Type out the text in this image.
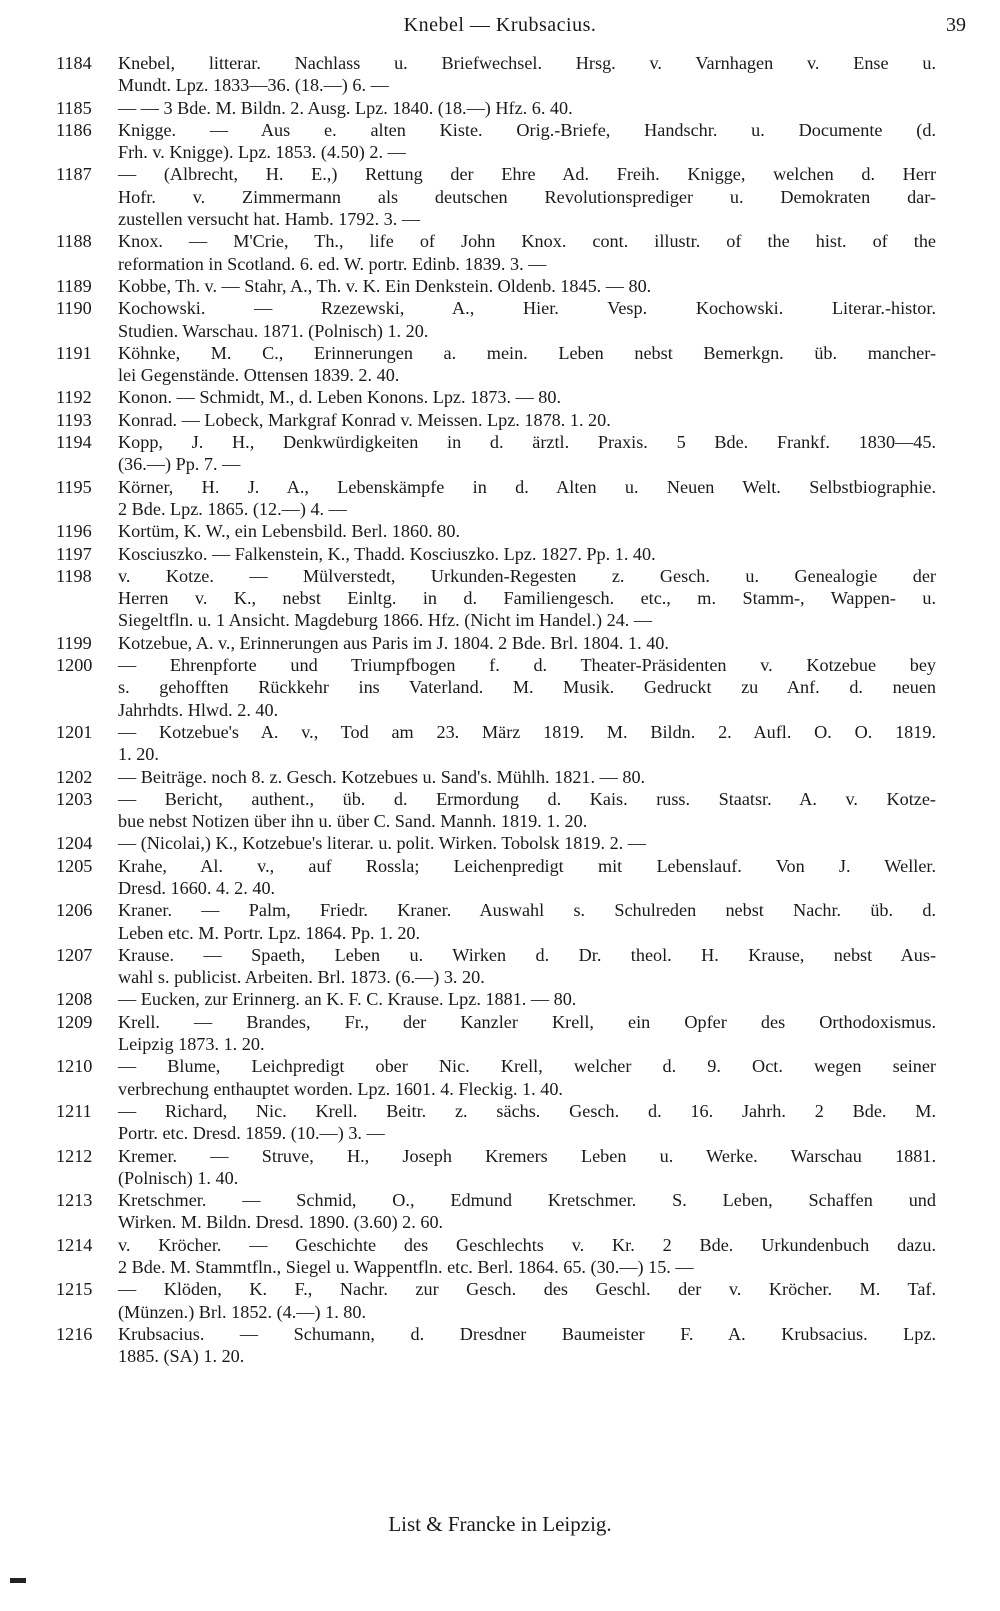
Knebel — Krubsacius.	39
1184	Knebel, litterar. Nachlass u. Briefwechsel. Hrsg. v. Varnhagen v. Ense u.
Mundt. Lpz. 1833—36. (18.—) 6. —
1185	— — 3 Bde. M. Bildn. 2. Ausg. Lpz. 1840. (18.—) Hfz. 6. 40.
1186	Knigge. — Aus e. alten Kiste. Orig.-Briefe, Handschr. u. Documente (d.
Frh. v. Knigge). Lpz. 1853. (4.50) 2. —
1187	— (Albrecht, H. E.,) Rettung der Ehre Ad. Freih. Knigge, welchen d. Herr
Hofr. v. Zimmermann als deutschen Revolutionsprediger u. Demokraten dar-
zustellen versucht hat. Hamb. 1792. 3. —
1188	Knox. — M'Crie, Th., life of John Knox. cont. illustr. of the hist. of the
reformation in Scotland. 6. ed. W. portr. Edinb. 1839. 3. —
1189	Kobbe, Th. v. — Stahr, A., Th. v. K. Ein Denkstein. Oldenb. 1845. — 80.
1190	Kochowski. — Rzezewski, A., Hier. Vesp. Kochowski. Literar.-histor.
Studien. Warschau. 1871. (Polnisch) 1. 20.
1191	Köhnke, M. C., Erinnerungen a. mein. Leben nebst Bemerkgn. üb. mancher-
lei Gegenstände. Ottensen 1839. 2. 40.
1192	Konon. — Schmidt, M., d. Leben Konons. Lpz. 1873. — 80.
1193	Konrad. — Lobeck, Markgraf Konrad v. Meissen. Lpz. 1878. 1. 20.
1194	Kopp, J. H., Denkwürdigkeiten in d. ärztl. Praxis. 5 Bde. Frankf. 1830—45.
(36.—) Pp. 7. —
1195	Körner, H. J. A., Lebenskämpfe in d. Alten u. Neuen Welt. Selbstbiographie.
2 Bde. Lpz. 1865. (12.—) 4. —
1196	Kortüm, K. W., ein Lebensbild. Berl. 1860. 80.
1197	Kosciuszko. — Falkenstein, K., Thadd. Kosciuszko. Lpz. 1827. Pp. 1. 40.
1198	v. Kotze. — Mülverstedt, Urkunden-Regesten z. Gesch. u. Genealogie der
Herren v. K., nebst Einltg. in d. Familiengesch. etc., m. Stamm-, Wappen- u.
Siegeltfln. u. 1 Ansicht. Magdeburg 1866. Hfz. (Nicht im Handel.) 24. —
1199	Kotzebue, A. v., Erinnerungen aus Paris im J. 1804. 2 Bde. Brl. 1804. 1. 40.
1200	— Ehrenpforte und Triumpfbogen f. d. Theater-Präsidenten v. Kotzebue bey
s. gehofften Rückkehr ins Vaterland. M. Musik. Gedruckt zu Anf. d. neuen
Jahrhdts. Hlwd. 2. 40.
1201	— Kotzebue's A. v., Tod am 23. März 1819. M. Bildn. 2. Aufl. O. O. 1819.
1. 20.
1202	— Beiträge. noch 8. z. Gesch. Kotzebues u. Sand's. Mühlh. 1821. — 80.
1203	— Bericht, authent., üb. d. Ermordung d. Kais. russ. Staatsr. A. v. Kotze-
bue nebst Notizen über ihn u. über C. Sand. Mannh. 1819. 1. 20.
1204	— (Nicolai,) K., Kotzebue's literar. u. polit. Wirken. Tobolsk 1819. 2. —
1205	Krahe, Al. v., auf Rossla; Leichenpredigt mit Lebenslauf. Von J. Weller.
Dresd. 1660. 4. 2. 40.
1206	Kraner. — Palm, Friedr. Kraner. Auswahl s. Schulreden nebst Nachr. üb. d.
Leben etc. M. Portr. Lpz. 1864. Pp. 1. 20.
1207	Krause. — Spaeth, Leben u. Wirken d. Dr. theol. H. Krause, nebst Aus-
wahl s. publicist. Arbeiten. Brl. 1873. (6.—) 3. 20.
1208	— Eucken, zur Erinnerg. an K. F. C. Krause. Lpz. 1881. — 80.
1209	Krell. — Brandes, Fr., der Kanzler Krell, ein Opfer des Orthodoxismus.
Leipzig 1873. 1. 20.
1210	— Blume, Leichpredigt ober Nic. Krell, welcher d. 9. Oct. wegen seiner
verbrechung enthauptet worden. Lpz. 1601. 4. Fleckig. 1. 40.
1211	— Richard, Nic. Krell. Beitr. z. sächs. Gesch. d. 16. Jahrh. 2 Bde. M.
Portr. etc. Dresd. 1859. (10.—) 3. —
1212	Kremer. — Struve, H., Joseph Kremers Leben u. Werke. Warschau 1881.
(Polnisch) 1. 40.
1213	Kretschmer. — Schmid, O., Edmund Kretschmer. S. Leben, Schaffen und
Wirken. M. Bildn. Dresd. 1890. (3.60) 2. 60.
1214	v. Kröcher. — Geschichte des Geschlechts v. Kr. 2 Bde. Urkundenbuch dazu.
2 Bde. M. Stammtfln., Siegel u. Wappentfln. etc. Berl. 1864. 65. (30.—) 15. —
1215	— Klöden, K. F., Nachr. zur Gesch. des Geschl. der v. Kröcher. M. Taf.
(Münzen.) Brl. 1852. (4.—) 1. 80.
1216	Krubsacius. — Schumann, d. Dresdner Baumeister F. A. Krubsacius. Lpz.
1885. (SA) 1. 20.
List & Francke in Leipzig.
